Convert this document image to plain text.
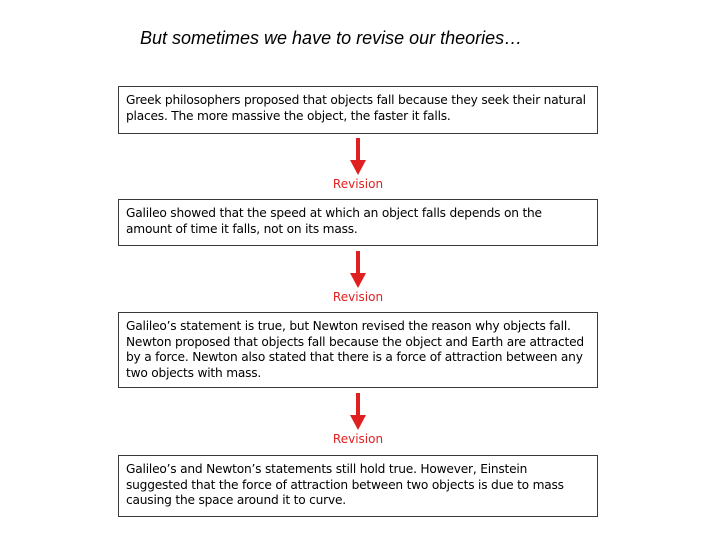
But sometimes we have to revise our theories…
Greek philosophers proposed that objects fall because they seek their natural places. The more massive the object, the faster it falls.
Revision
Galileo showed that the speed at which an object falls depends on the amount of time it falls, not on its mass.
Revision
Galileo’s statement is true, but Newton revised the reason why objects fall. Newton proposed that objects fall because the object and Earth are attracted by a force. Newton also stated that there is a force of attraction between any two objects with mass.
Revision
Galileo’s and Newton’s statements still hold true. However, Einstein suggested that the force of attraction between two objects is due to mass causing the space around it to curve.
